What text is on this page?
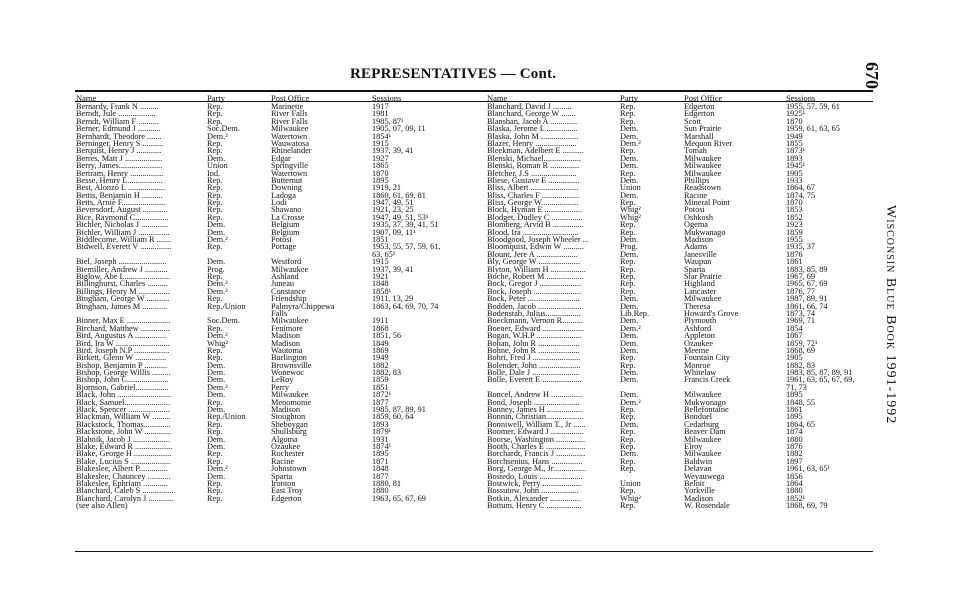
REPRESENTATIVES — Cont.	670
Wisconsin Blue Book 1991-1992
Name	Party	Post Office	Sessions	Name	Party	Post Office	Sessions
Bernardy, Frank N .........	Rep.	Marinette	1917
Berndt, Jule ..................	Rep.	River Falls	1981
Berndt, William F ..........	Rep.	River Falls	1985, 87¹
Berner, Edmund J ...........	Soc.Dem.	Milwaukee	1905, 07, 09, 11
Bernhardt, Theodore .......	Dem.²	Watertown	1854¹
Berninger, Henry S ..........	Rep.	Wauwatosa	1915
Berquist, Henry J ............	Rep.	Rhinelander	1937, 39, 41
Berres, Matt J ..................	Dem.	Edgar	1927
Berry, James.....................	Union	Springville	1865
Bertram, Henry ................	Ind.	Watertown	1870
Besse, Henry L.................	Rep.	Butternut	1895
Best, Alonzo L ..................	Rep.	Downing	1919, 21
Bettis, Benjamin H ..........	Rep.	Ladoga	1860, 61, 69, 81
Betts, Arnie F.....................	Rep.	Lodi	1947, 49, 51
Beversdorf, August ............	Rep.	Shawano	1921, 23, 25
Bice, Raymond C................	Rep.	La Crosse	1947, 49, 51, 53¹
Bichler, Nicholas J .............	Dem.	Belgium	1935, 37, 39, 41, 51
Bichler, William J ...............	Dem.	Belgium	1907, 09, 11¹
Biddlecome, William R .......	Dem.²	Potosi	1851
Bidwell, Everett V ...............	Rep.	Portage	1953, 55, 57, 59, 61,
63, 65¹
Biel, Joseph .......................	Dem.	Westford	1915
Biemiller, Andrew J ...........	Prog.	Milwaukee	1937, 39, 41
Biglow, Abe L......................	Rep.	Ashland	1921
Billinghurst, Charles ..........	Dem.²	Juneau	1848
Billings, Henry M ...............	Dem.²	Constance	1858¹
Bingham, George W ...........	Rep.	Friendship	1911, 13, 29
Bingham, James M ............	Rep./Union	Palmyra/Chippewa	1863, 64, 69, 70, 74
Falls
Binner, Max E .....................	Soc.Dem.	Milwaukee	1911
Birchard, Matthew ..............	Rep.	Fenimore	1868
Bird, Augustus A ...............	Dem.²	Madison	1851, 56
Bird, Ira W ..........................	Whig²	Madison	1849
Bird, Joseph N.P .................	Rep.	Wautoma	1869
Birkett, Glenn W ...............	Rep.	Burlington	1949
Bishop, Benjamin P ...........	Dem.	Brownsville	1882
Bishop, George Willis .........	Dem.	Wonewoc	1882, 83
Bishop, John C....................	Dem.	LeRoy	1859
Bjornson, Gabriel................	Dem.²	Perry	1851
Black, John ..........................	Dem.	Milwaukee	1872¹
Black, Samuel......................	Rep.	Menomonie	1877
Black, Spencer ....................	Dem.	Madison	1985, 87, 89, 91
Blackman, William W .........	Rep./Union	Stoughton	1859, 60, 64
Blackstock, Thomas.............	Rep.	Sheboygan	1893
Blackstone, John W .............	Rep.	Shullsburg	1879¹
Blahnik, Jacob J ..................	Dem.	Algoma	1931
Blake, Edward R ..................	Dem.	Ozaukee	1874¹
Blake, George H ..................	Rep.	Rochester	1895
Blake, Lucius S ...................	Rep.	Racine	1871
Blakeslee, Albert P..............	Dem.²	Johnstown	1848
Blakeslee, Chauncey ...........	Dem.	Sparta	1877
Blakeslee, Ephriam ............	Rep.	Ironton	1880, 81
Blanchard, Caleb S ...............	Rep.	East Troy	1880
Blanchard, Carolyn J ............	Rep.	Edgerton	1963, 65, 67, 69
(see also Allen)
Blanchard, David J .........	Rep.	Edgerton	1955, 57, 59, 61
Blanchard, George W .......	Rep.	Edgerton	1925¹
Blanshan, Jacob A .............	Rep.	Scott	1870
Blaska, Jerome L ...............	Dem.	Sun Prairie	1959, 61, 63, 65
Blaska, John M ..................	Dem.	Marshall	1949
Blazer, Henry ....................	Dem.²	Mequon River	1855
Bleekman, Adelbert E ..........	Rep.	Tomah	1873¹
Blenski, Michael..................	Dem.	Milwaukee	1893
Blenski, Roman R ..............	Dem.	Milwaukee	1945¹
Bletcher, J.S ......................	Rep.	Milwaukee	1905
Bliese, Gustave E ...............	Dem.	Phillips	1933
Bliss, Albert .......................	Union	Readstown	1864, 67
Bliss, Charles F ..................	Dem.	Racine	1874, 75
Bliss, George W..................	Rep.	Mineral Point	1870
Block, Hyman E ..................	Whig²	Potosi	1853
Blodget, Dudley C ...............	Whig²	Oshkosh	1852
Blomberg, Arvid B ...............	Rep.	Ogema	1923
Blood, Ira ...........................	Rep.	Mukwanago	1859
Bloodgood, Joseph Wheeler ...	Dem.	Madison	1955
Bloomquist, Edwin W ..........	Prog.	Adams	1935, 37
Blount, Jere A ....................	Dem.	Janesville	1876
Bly, George W ....................	Rep.	Waupun	1861
Blyton, William H .................	Rep.	Sparta	1883, 85, 89
Boche, Robert M ..................	Rep.	Star Prairie	1967, 69
Bock, Gregor J ....................	Rep.	Highland	1965, 67, 69
Bock, Joseph .......................	Rep.	Lancaster	1876, 77
Bock, Peter .........................	Dem.	Milwaukee	1987, 89, 91
Bodden, Jacob .....................	Dem.	Theresa	1861, 66, 74
Bodenstab, Julius.................	Lib.Rep.	Howard's Grove	1873, 74
Boeckmann, Vernon R..........	Dem.	Plymouth	1969, 71
Boener, Edward ....................	Dem.²	Ashford	1854
Bogan, W.H.P ......................	Dem.	Appleton	1867
Bohan, John R ....................	Dem.	Ozaukee	1859, 72¹
Bohne, John R ....................	Dem.	Meeme	1868, 69
Bohri, Fred J .......................	Rep.	Fountain City	1905
Bolender, John ....................	Rep.	Monroe	1882, 83
Bolle, Dale J .......................	Dem.	Whitelaw	1983, 85, 87, 89, 91
Bolle, Everett E ...................	Dem.	Francis Creek	1961, 63, 65, 67, 69,
71, 73
Boncel, Andrew H ...............	Dem.	Milwaukee	1895
Bond, Joseph ......................	Dem.²	Mukwonago	1848, 55
Bonney, James H .................	Rep.	Bellefontaine	1861
Bonnin, Christian..................	Rep.	Bonduel	1895
Bonniwell, William T., Jr ......	Dem.	Cedarburg	1864, 65
Boomer, Edward J ................	Rep.	Beaver Dam	1874
Boorse, Washington ..............	Rep.	Milwaukee	1880
Booth, Charles E ...................	Rep.	Elroy	1876
Borchardt, Francis J ..............	Dem.	Milwaukee	1882
Borchsenius, Hans ...............	Rep.	Baldwin	1897
Borg, George M., Jr................	Rep.	Delavan	1961, 63, 65¹
Bostedo, Louis .....................	Weyauwega	1856
Bostwick, Perry ...................	Union	Beloit	1864
Bossutow, John ..................	Rep.	Yorkville	1880
Botkin, Alexander ...............	Whig²	Madison	1852¹
Bottum, Henry C .................	Rep.	W. Rosendale	1868, 69, 79
